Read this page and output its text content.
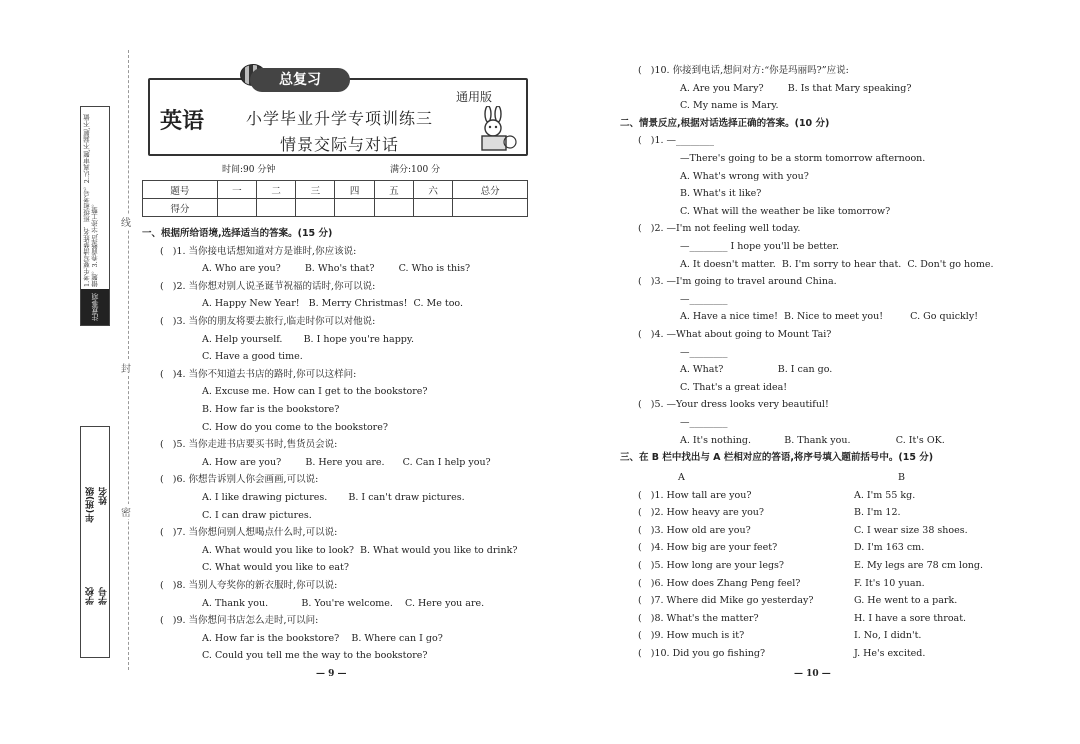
1.考生要写清楚姓名、班级和考号。2.认真审题,不漏题,不做错题。3.卷面整洁,字迹工整。
注意事项
学校
年(班)级
学号
姓名
线
封
密
总复习
英语	小学毕业升学专项训练三
情景交际与对话
通用版
时间:90 分钟	满分:100 分
题号	一	二	三	四	五	六	总分
得分							
一、根据所给语境,选择适当的答案。(15 分)
(   )1. 当你接电话想知道对方是谁时,你应该说:
A. Who are you?        B. Who's that?        C. Who is this?
(   )2. 当你想对别人说圣诞节祝福的话时,你可以说:
A. Happy New Year!   B. Merry Christmas!  C. Me too.
(   )3. 当你的朋友将要去旅行,临走时你可以对他说:
A. Help yourself.       B. I hope you're happy.
C. Have a good time.
(   )4. 当你不知道去书店的路时,你可以这样问:
A. Excuse me. How can I get to the bookstore?
B. How far is the bookstore?
C. How do you come to the bookstore?
(   )5. 当你走进书店要买书时,售货员会说:
A. How are you?        B. Here you are.      C. Can I help you?
(   )6. 你想告诉别人你会画画,可以说:
A. I like drawing pictures.       B. I can't draw pictures.
C. I can draw pictures.
(   )7. 当你想问别人想喝点什么时,可以说:
A. What would you like to look?  B. What would you like to drink?
C. What would you like to eat?
(   )8. 当别人夸奖你的新衣服时,你可以说:
A. Thank you.           B. You're welcome.    C. Here you are.
(   )9. 当你想问书店怎么走时,可以问:
A. How far is the bookstore?    B. Where can I go?
C. Could you tell me the way to the bookstore?
(   )10. 你接到电话,想问对方:“你是玛丽吗?”应说:
A. Are you Mary?        B. Is that Mary speaking?
C. My name is Mary.
二、情景反应,根据对话选择正确的答案。(10 分)
(   )1. —________
—There's going to be a storm tomorrow afternoon.
A. What's wrong with you?
B. What's it like?
C. What will the weather be like tomorrow?
(   )2. —I'm not feeling well today.
—________ I hope you'll be better.
A. It doesn't matter.  B. I'm sorry to hear that.  C. Don't go home.
(   )3. —I'm going to travel around China.
—________
A. Have a nice time!  B. Nice to meet you!         C. Go quickly!
(   )4. —What about going to Mount Tai?
—________
A. What?                  B. I can go.
C. That's a great idea!
(   )5. —Your dress looks very beautiful!
—________
A. It's nothing.           B. Thank you.               C. It's OK.
三、在 B 栏中找出与 A 栏相对应的答语,将序号填入题前括号中。(15 分)
A	B
(   )1. How tall are you?	A. I'm 55 kg.
(   )2. How heavy are you?	B. I'm 12.
(   )3. How old are you?	C. I wear size 38 shoes.
(   )4. How big are your feet?	D. I'm 163 cm.
(   )5. How long are your legs?	E. My legs are 78 cm long.
(   )6. How does Zhang Peng feel?	F. It's 10 yuan.
(   )7. Where did Mike go yesterday?	G. He went to a park.
(   )8. What's the matter?	H. I have a sore throat.
(   )9. How much is it?	I. No, I didn't.
(   )10. Did you go fishing?	J. He's excited.
— 9 —	— 10 —
